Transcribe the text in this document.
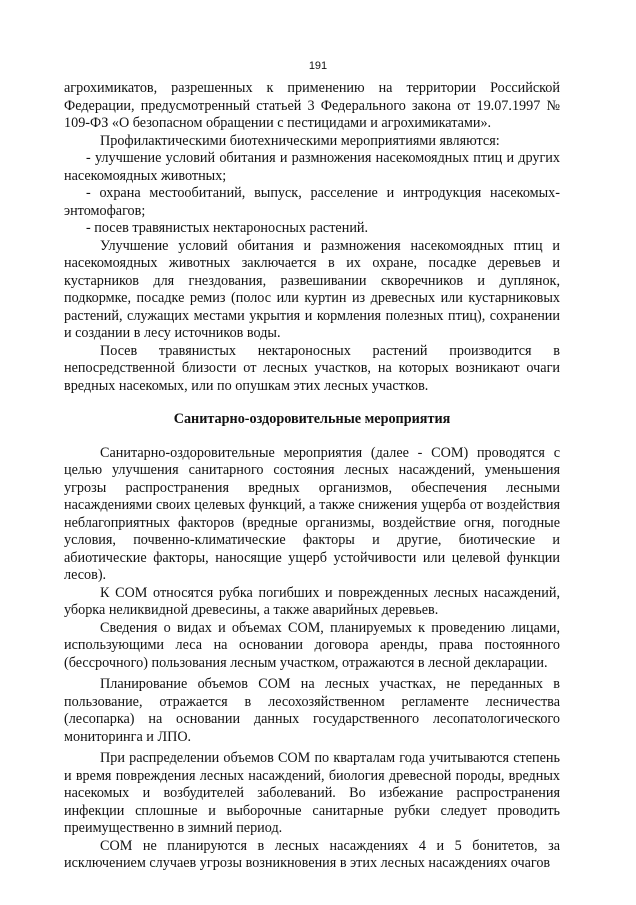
191

агрохимикатов, разрешенных к применению на территории Российской Федерации, предусмотренный статьей 3 Федерального закона от 19.07.1997 № 109-ФЗ «О безопасном обращении с пестицидами и агрохимикатами».

Профилактическими биотехническими мероприятиями являются:

- улучшение условий обитания и размножения насекомоядных птиц и других насекомоядных животных;

- охрана местообитаний, выпуск, расселение и интродукция насекомых-энтомофагов;

- посев травянистых нектароносных растений.

Улучшение условий обитания и размножения насекомоядных птиц и насекомоядных животных заключается в их охране, посадке деревьев и кустарников для гнездования, развешивании скворечников и дуплянок, подкормке, посадке ремиз (полос или куртин из древесных или кустарниковых растений, служащих местами укрытия и кормления полезных птиц), сохранении и создании в лесу источников воды.

Посев травянистых нектароносных растений производится в непосредственной близости от лесных участков, на которых возникают очаги вредных насекомых, или по опушкам этих лесных участков.

Санитарно-оздоровительные мероприятия

Санитарно-оздоровительные мероприятия (далее - СОМ) проводятся с целью улучшения санитарного состояния лесных насаждений, уменьшения угрозы распространения вредных организмов, обеспечения лесными насаждениями своих целевых функций, а также снижения ущерба от воздействия неблагоприятных факторов (вредные организмы, воздействие огня, погодные условия, почвенно-климатические факторы и другие, биотические и абиотические факторы, наносящие ущерб устойчивости или целевой функции лесов).

К СОМ относятся рубка погибших и поврежденных лесных насаждений, уборка неликвидной древесины, а также аварийных деревьев.

Сведения о видах и объемах СОМ, планируемых к проведению лицами, использующими леса на основании договора аренды, права постоянного (бессрочного) пользования лесным участком, отражаются в лесной декларации.

Планирование объемов СОМ на лесных участках, не переданных в пользование, отражается в лесохозяйственном регламенте лесничества (лесопарка) на основании данных государственного лесопатологического мониторинга и ЛПО.

При распределении объемов СОМ по кварталам года учитываются степень и время повреждения лесных насаждений, биология древесной породы, вредных насекомых и возбудителей заболеваний. Во избежание распространения инфекции сплошные и выборочные санитарные рубки следует проводить преимущественно в зимний период.

СОМ не планируются в лесных насаждениях 4 и 5 бонитетов, за исключением случаев угрозы возникновения в этих лесных насаждениях очагов
